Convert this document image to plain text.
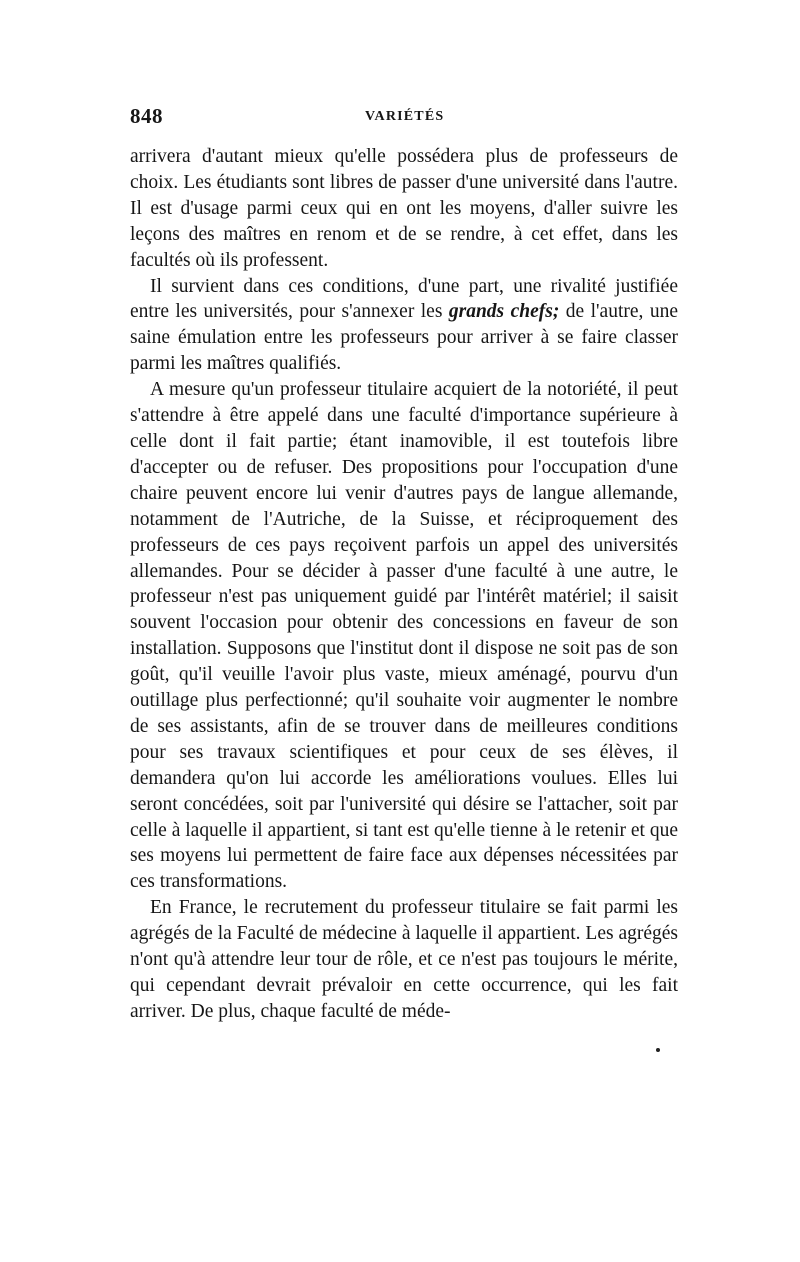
848	VARIÉTÉS

arrivera d'autant mieux qu'elle possédera plus de professeurs de choix. Les étudiants sont libres de passer d'une université dans l'autre. Il est d'usage parmi ceux qui en ont les moyens, d'aller suivre les leçons des maîtres en renom et de se rendre, à cet effet, dans les facultés où ils professent.

Il survient dans ces conditions, d'une part, une rivalité justifiée entre les universités, pour s'annexer les grands chefs; de l'autre, une saine émulation entre les professeurs pour arriver à se faire classer parmi les maîtres qualifiés.

A mesure qu'un professeur titulaire acquiert de la notoriété, il peut s'attendre à être appelé dans une faculté d'importance supérieure à celle dont il fait partie; étant inamovible, il est toutefois libre d'accepter ou de refuser. Des propositions pour l'occupation d'une chaire peuvent encore lui venir d'autres pays de langue allemande, notamment de l'Autriche, de la Suisse, et réciproquement des professeurs de ces pays reçoivent parfois un appel des universités allemandes. Pour se décider à passer d'une faculté à une autre, le professeur n'est pas uniquement guidé par l'intérêt matériel; il saisit souvent l'occasion pour obtenir des concessions en faveur de son installation. Supposons que l'institut dont il dispose ne soit pas de son goût, qu'il veuille l'avoir plus vaste, mieux aménagé, pourvu d'un outillage plus perfectionné; qu'il souhaite voir augmenter le nombre de ses assistants, afin de se trouver dans de meilleures conditions pour ses travaux scientifiques et pour ceux de ses élèves, il demandera qu'on lui accorde les améliorations voulues. Elles lui seront concédées, soit par l'université qui désire se l'attacher, soit par celle à laquelle il appartient, si tant est qu'elle tienne à le retenir et que ses moyens lui permettent de faire face aux dépenses nécessitées par ces transformations.

En France, le recrutement du professeur titulaire se fait parmi les agrégés de la Faculté de médecine à laquelle il appartient. Les agrégés n'ont qu'à attendre leur tour de rôle, et ce n'est pas toujours le mérite, qui cependant devrait prévaloir en cette occurrence, qui les fait arriver. De plus, chaque faculté de méde-
